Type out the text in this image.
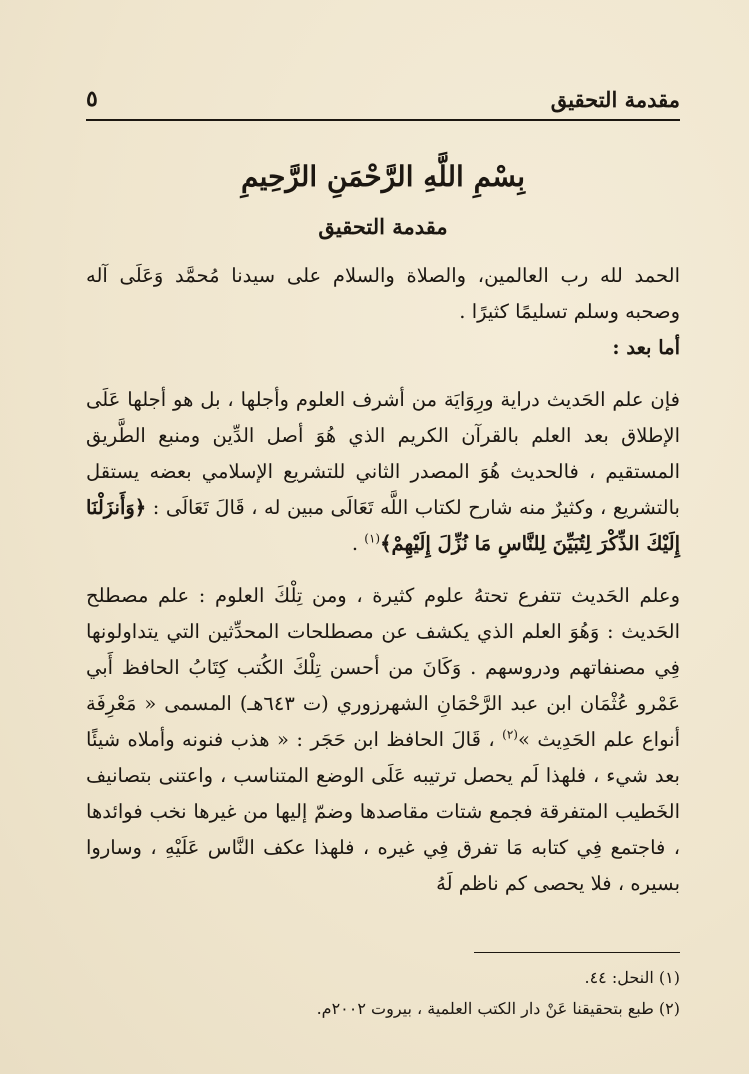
مقدمة التحقيق
٥
بِسْمِ اللَّهِ الرَّحْمَنِ الرَّحِيمِ
مقدمة التحقيق

الحمد لله رب العالمين، والصلاة والسلام على سيدنا مُحمَّد وَعَلَى آله وصحبه وسلم تسليمًا كثيرًا .

أما بعد :

فإن علم الحَديث دراية ورِوَايَة من أشرف العلوم وأجلها ، بل هو أجلها عَلَى الإطلاق بعد العلم بالقرآن الكريم الذي هُوَ أصل الدِّين ومنبع الطَّريق المستقيم ، فالحديث هُوَ المصدر الثاني للتشريع الإسلامي بعضه يستقل بالتشريع ، وكثيرٌ منه شارح لكتاب اللَّه تَعَالَى مبين له ، قَالَ تَعَالَى : ﴿وَأَنزَلْنَا إِلَيْكَ الذِّكْرَ لِتُبَيِّنَ لِلنَّاسِ مَا نُزِّلَ إِلَيْهِمْ﴾$^{(١)}$ .

وعلم الحَديث تتفرع تحتهُ علوم كثيرة ، ومن تِلْكَ العلوم : علم مصطلح الحَديث : وَهُوَ العلم الذي يكشف عن مصطلحات المحدِّثين التي يتداولونها فِي مصنفاتهم ودروسهم . وَكَانَ من أحسن تِلْكَ الكُتب كِتَابُ الحافظ أَبي عَمْرو عُثْمَان ابن عبد الرَّحْمَانِ الشهرزوري (ت ٦٤٣هـ) المسمى « مَعْرِفَة أنواع علم الحَدِيث »$^{(٢)}$ ، قَالَ الحافظ ابن حَجَر : « هذب فنونه وأملاه شيئًا بعد شيء ، فلهذا لَم يحصل ترتيبه عَلَى الوضع المتناسب ، واعتنى بتصانيف الخَطيب المتفرقة فجمع شتات مقاصدها وضمّ إليها من غيرها نخب فوائدها ، فاجتمع فِي كتابه مَا تفرق فِي غيره ، فلهذا عكف النَّاس عَلَيْهِ ، وساروا بسيره ، فلا يحصى كم ناظم لَهُ

(١) النحل: ٤٤.

(٢) طبع بتحقيقنا عَنْ دار الكتب العلمية ، بيروت ٢٠٠٢م.
